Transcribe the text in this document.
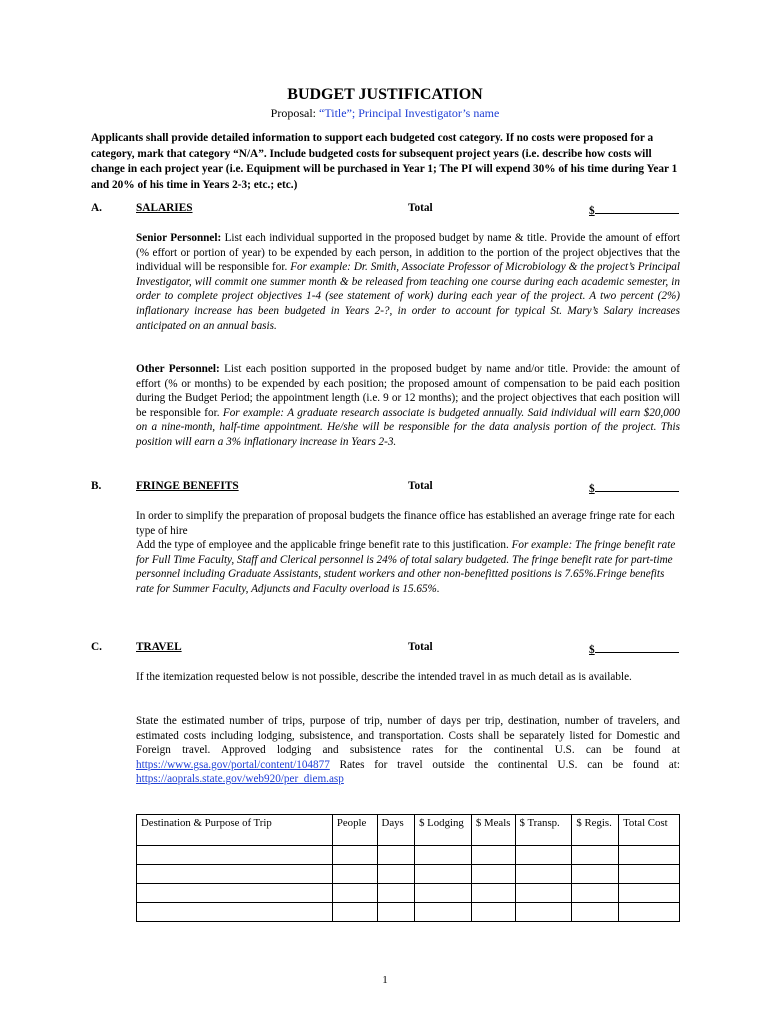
BUDGET JUSTIFICATION
Proposal: “Title”; Principal Investigator’s name
Applicants shall provide detailed information to support each budgeted cost category. If no costs were proposed for a category, mark that category “N/A”. Include budgeted costs for subsequent project years (i.e. describe how costs will change in each project year (i.e. Equipment will be purchased in Year 1; The PI will expend 30% of his time during Year 1 and 20% of his time in Years 2-3; etc.; etc.)
A.	SALARIES	Total	$
Senior Personnel: List each individual supported in the proposed budget by name & title. Provide the amount of effort (% effort or portion of year) to be expended by each person, in addition to the portion of the project objectives that the individual will be responsible for. For example: Dr. Smith, Associate Professor of Microbiology & the project’s Principal Investigator, will commit one summer month & be released from teaching one course during each academic semester, in order to complete project objectives 1-4 (see statement of work) during each year of the project. A two percent (2%) inflationary increase has been budgeted in Years 2-?, in order to account for typical St. Mary’s Salary increases anticipated on an annual basis.
Other Personnel: List each position supported in the proposed budget by name and/or title. Provide: the amount of effort (% or months) to be expended by each position; the proposed amount of compensation to be paid each position during the Budget Period; the appointment length (i.e. 9 or 12 months); and the project objectives that each position will be responsible for. For example: A graduate research associate is budgeted annually. Said individual will earn $20,000 on a nine-month, half-time appointment. He/she will be responsible for the data analysis portion of the project. This position will earn a 3% inflationary increase in Years 2-3.
B.	FRINGE BENEFITS	Total	$
In order to simplify the preparation of proposal budgets the finance office has established an average fringe rate for each type of hire
Add the type of employee and the applicable fringe benefit rate to this justification. For example: The fringe benefit rate for Full Time Faculty, Staff and Clerical personnel is 24% of total salary budgeted. The fringe benefit rate for part-time personnel including Graduate Assistants, student workers and other non-benefitted positions is 7.65%.Fringe benefits rate for Summer Faculty, Adjuncts and Faculty overload is 15.65%.
C.	TRAVEL	Total	$
If the itemization requested below is not possible, describe the intended travel in as much detail as is available.
State the estimated number of trips, purpose of trip, number of days per trip, destination, number of travelers, and estimated costs including lodging, subsistence, and transportation. Costs shall be separately listed for Domestic and Foreign travel. Approved lodging and subsistence rates for the continental U.S. can be found at https://www.gsa.gov/portal/content/104877 Rates for travel outside the continental U.S. can be found at: https://aoprals.state.gov/web920/per_diem.asp
Destination & Purpose of Trip	People	Days	$ Lodging	$ Meals	$ Transp.	$ Regis.	Total Cost

1
